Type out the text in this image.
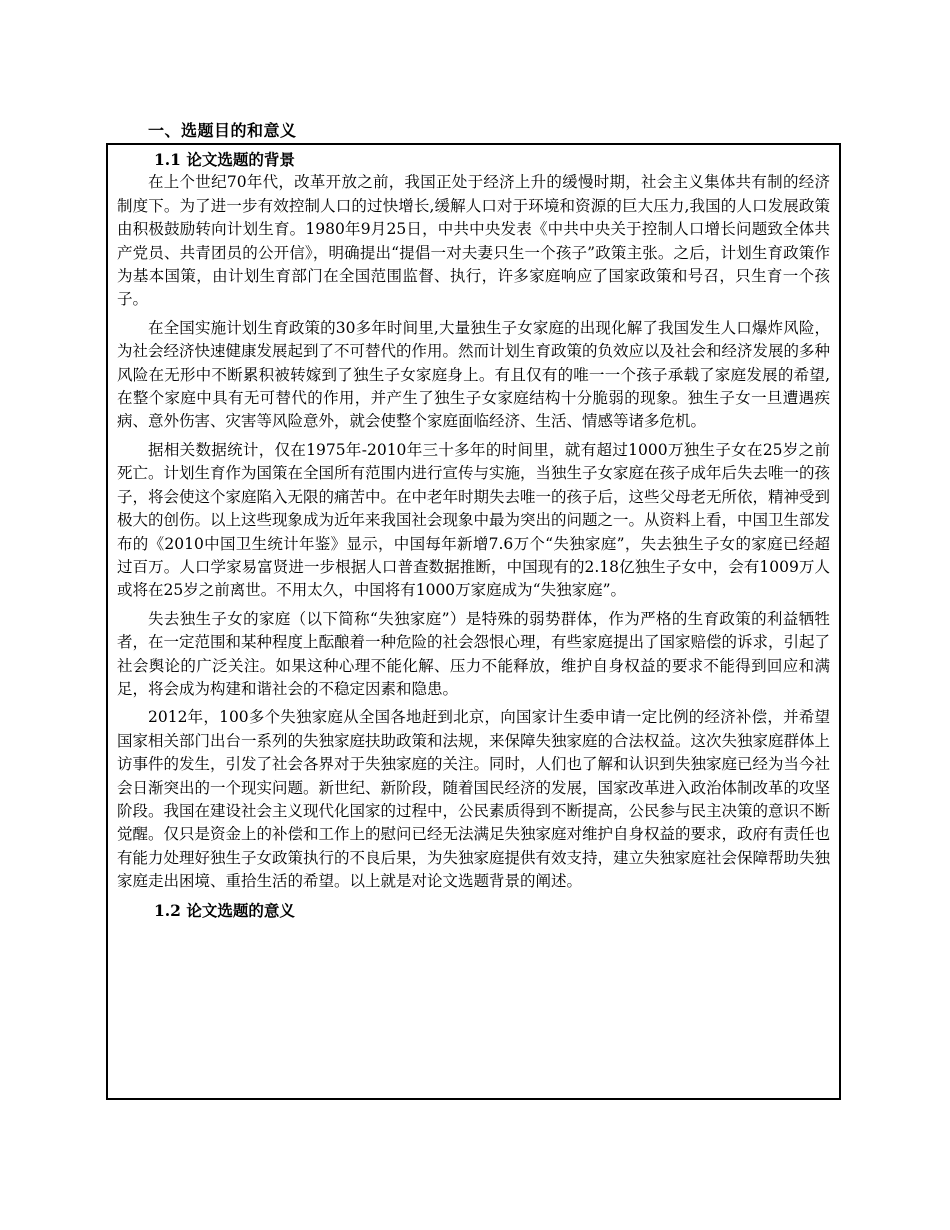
一、选题目的和意义
1.1 论文选题的背景

在上个世纪70年代，改革开放之前，我国正处于经济上升的缓慢时期，社会主义集体共有制的经济制度下。为了进一步有效控制人口的过快增长,缓解人口对于环境和资源的巨大压力,我国的人口发展政策由积极鼓励转向计划生育。1980年9月25日，中共中央发表《中共中央关于控制人口增长问题致全体共产党员、共青团员的公开信》，明确提出“提倡一对夫妻只生一个孩子”政策主张。之后，计划生育政策作为基本国策，由计划生育部门在全国范围监督、执行，许多家庭响应了国家政策和号召，只生育一个孩子。

在全国实施计划生育政策的30多年时间里,大量独生子女家庭的出现化解了我国发生人口爆炸风险，为社会经济快速健康发展起到了不可替代的作用。然而计划生育政策的负效应以及社会和经济发展的多种风险在无形中不断累积被转嫁到了独生子女家庭身上。有且仅有的唯一一个孩子承载了家庭发展的希望,在整个家庭中具有无可替代的作用，并产生了独生子女家庭结构十分脆弱的现象。独生子女一旦遭遇疾病、意外伤害、灾害等风险意外，就会使整个家庭面临经济、生活、情感等诸多危机。

据相关数据统计，仅在1975年-2010年三十多年的时间里，就有超过1000万独生子女在25岁之前死亡。计划生育作为国策在全国所有范围内进行宣传与实施，当独生子女家庭在孩子成年后失去唯一的孩子，将会使这个家庭陷入无限的痛苦中。在中老年时期失去唯一的孩子后，这些父母老无所依，精神受到极大的创伤。以上这些现象成为近年来我国社会现象中最为突出的问题之一。从资料上看，中国卫生部发布的《2010中国卫生统计年鉴》显示，中国每年新增7.6万个“失独家庭”，失去独生子女的家庭已经超过百万。人口学家易富贤进一步根据人口普查数据推断，中国现有的2.18亿独生子女中，会有1009万人或将在25岁之前离世。不用太久，中国将有1000万家庭成为“失独家庭”。

失去独生子女的家庭（以下简称“失独家庭”）是特殊的弱势群体，作为严格的生育政策的利益牺牲者，在一定范围和某种程度上酝酿着一种危险的社会怨恨心理，有些家庭提出了国家赔偿的诉求，引起了社会舆论的广泛关注。如果这种心理不能化解、压力不能释放，维护自身权益的要求不能得到回应和满足，将会成为构建和谐社会的不稳定因素和隐患。

2012年，100多个失独家庭从全国各地赶到北京，向国家计生委申请一定比例的经济补偿，并希望国家相关部门出台一系列的失独家庭扶助政策和法规，来保障失独家庭的合法权益。这次失独家庭群体上访事件的发生，引发了社会各界对于失独家庭的关注。同时，人们也了解和认识到失独家庭已经为当今社会日渐突出的一个现实问题。新世纪、新阶段，随着国民经济的发展，国家改革进入政治体制改革的攻坚阶段。我国在建设社会主义现代化国家的过程中，公民素质得到不断提高，公民参与民主决策的意识不断觉醒。仅只是资金上的补偿和工作上的慰问已经无法满足失独家庭对维护自身权益的要求，政府有责任也有能力处理好独生子女政策执行的不良后果，为失独家庭提供有效支持，建立失独家庭社会保障帮助失独家庭走出困境、重拾生活的希望。以上就是对论文选题背景的阐述。

1.2 论文选题的意义
